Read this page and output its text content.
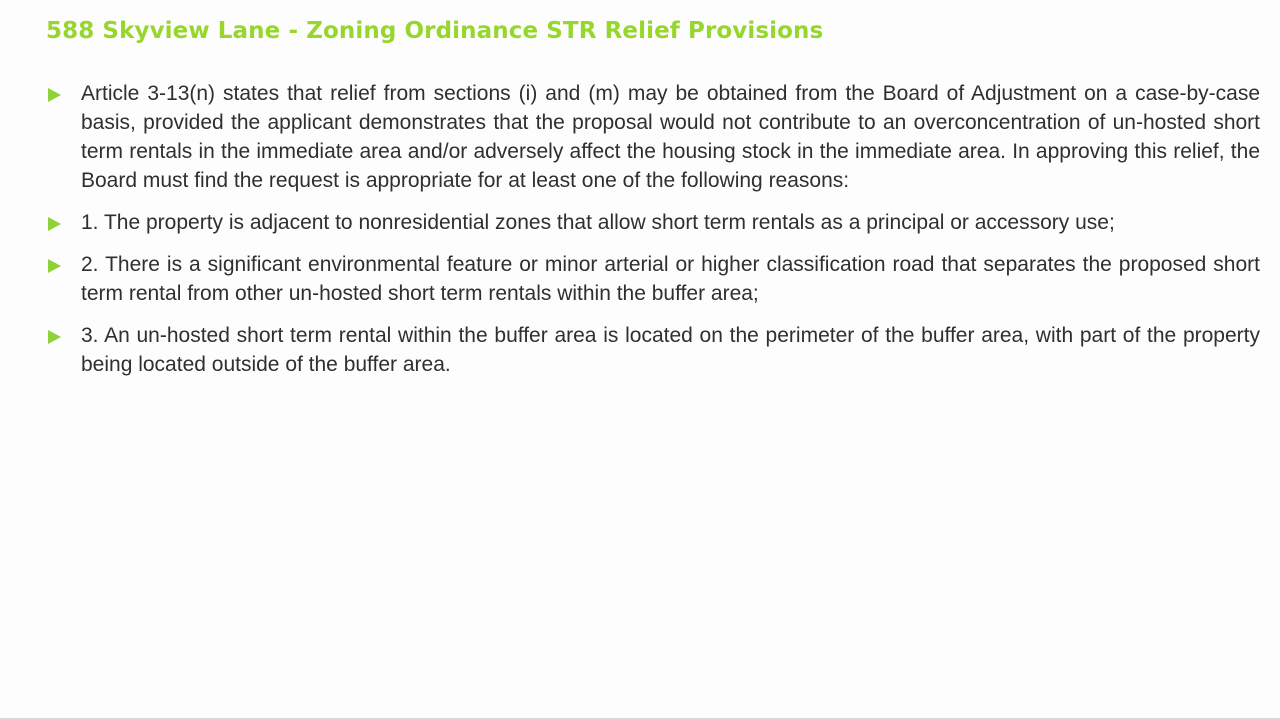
588 Skyview Lane - Zoning Ordinance STR Relief Provisions
Article 3-13(n) states that relief from sections (i) and (m) may be obtained from the Board of Adjustment on a case-by-case basis, provided the applicant demonstrates that the proposal would not contribute to an overconcentration of un-hosted short term rentals in the immediate area and/or adversely affect the housing stock in the immediate area. In approving this relief, the Board must find the request is appropriate for at least one of the following reasons:
1. The property is adjacent to nonresidential zones that allow short term rentals as a principal or accessory use;
2. There is a significant environmental feature or minor arterial or higher classification road that separates the proposed short term rental from other un-hosted short term rentals within the buffer area;
3. An un-hosted short term rental within the buffer area is located on the perimeter of the buffer area, with part of the property being located outside of the buffer area.
